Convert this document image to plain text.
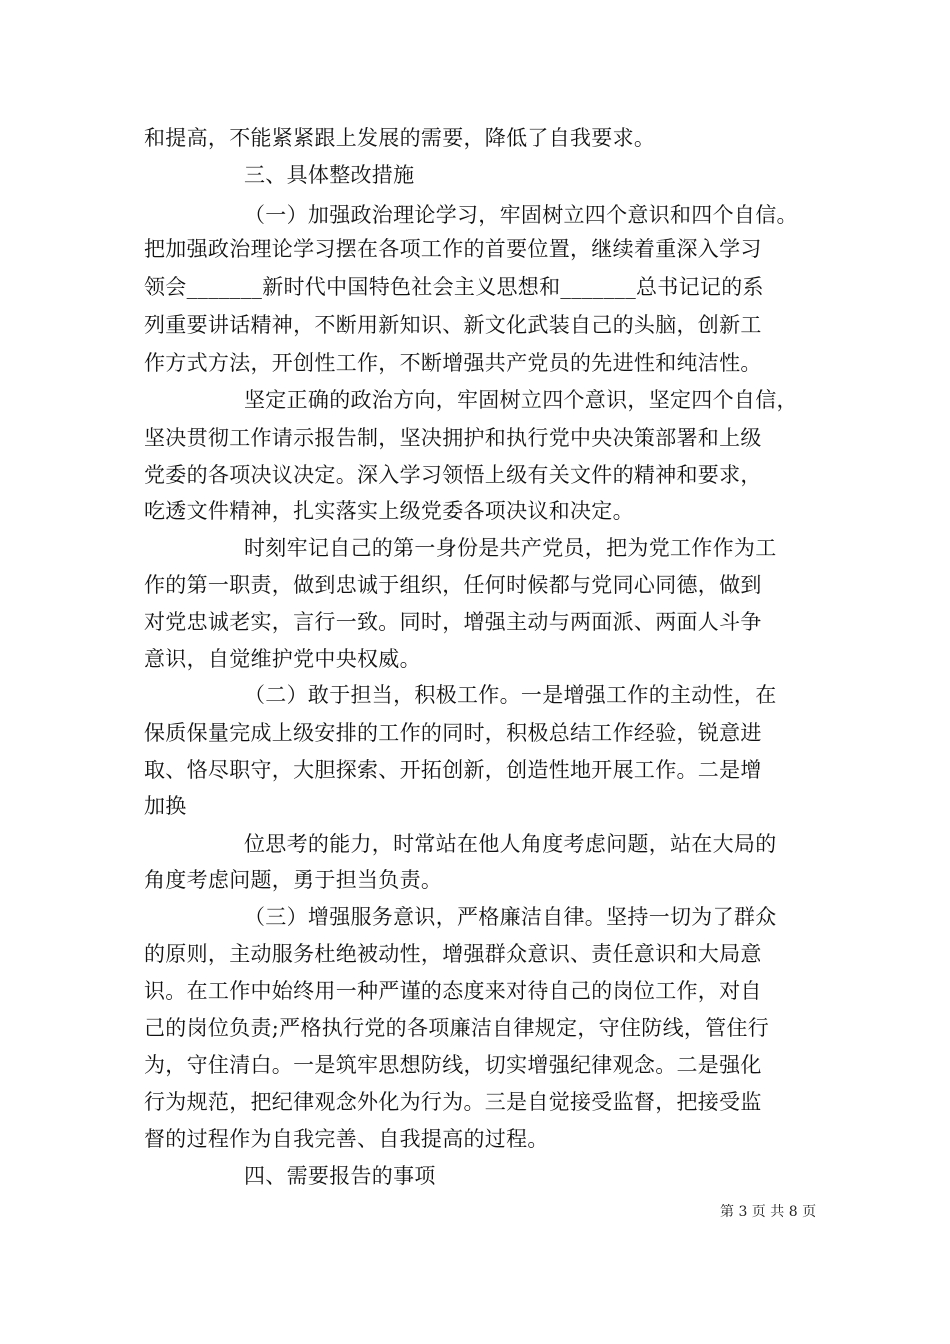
和提高，不能紧紧跟上发展的需要，降低了自我要求。
三、具体整改措施
（一）加强政治理论学习，牢固树立四个意识和四个自信。
把加强政治理论学习摆在各项工作的首要位置，继续着重深入学习
领会_______新时代中国特色社会主义思想和_______总书记记的系
列重要讲话精神，不断用新知识、新文化武装自己的头脑，创新工
作方式方法，开创性工作，不断增强共产党员的先进性和纯洁性。
坚定正确的政治方向，牢固树立四个意识，坚定四个自信，
坚决贯彻工作请示报告制，坚决拥护和执行党中央决策部署和上级
党委的各项决议决定。深入学习领悟上级有关文件的精神和要求，
吃透文件精神，扎实落实上级党委各项决议和决定。
时刻牢记自己的第一身份是共产党员，把为党工作作为工
作的第一职责，做到忠诚于组织，任何时候都与党同心同德，做到
对党忠诚老实，言行一致。同时，增强主动与两面派、两面人斗争
意识，自觉维护党中央权威。
（二）敢于担当，积极工作。一是增强工作的主动性，在
保质保量完成上级安排的工作的同时，积极总结工作经验，锐意进
取、恪尽职守，大胆探索、开拓创新，创造性地开展工作。二是增
加换
位思考的能力，时常站在他人角度考虑问题，站在大局的
角度考虑问题，勇于担当负责。
（三）增强服务意识，严格廉洁自律。坚持一切为了群众
的原则，主动服务杜绝被动性，增强群众意识、责任意识和大局意
识。在工作中始终用一种严谨的态度来对待自己的岗位工作，对自
己的岗位负责;严格执行党的各项廉洁自律规定，守住防线，管住行
为，守住清白。一是筑牢思想防线，切实增强纪律观念。二是强化
行为规范，把纪律观念外化为行为。三是自觉接受监督，把接受监
督的过程作为自我完善、自我提高的过程。
四、需要报告的事项
第 3 页 共 8 页
